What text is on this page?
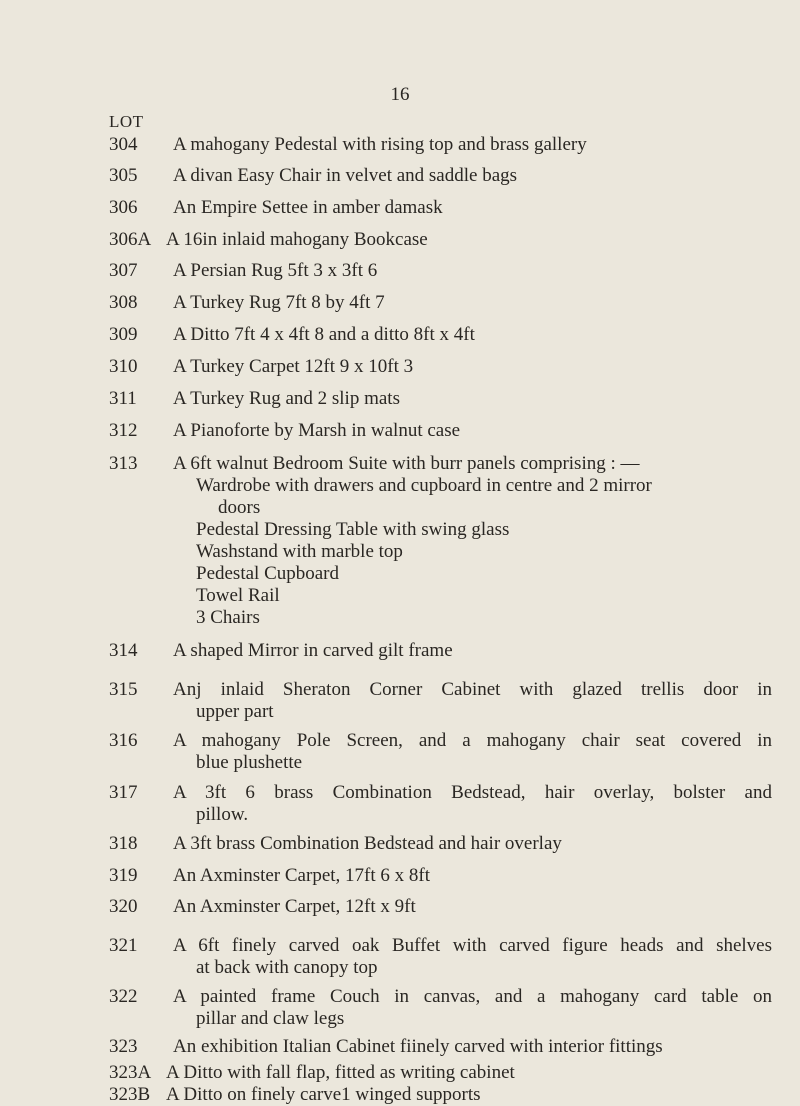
16
LOT
304 A mahogany Pedestal with rising top and brass gallery
305 A divan Easy Chair in velvet and saddle bags
306 An Empire Settee in amber damask
306A A 16in inlaid mahogany Bookcase
307 A Persian Rug 5ft 3 x 3ft 6
308 A Turkey Rug 7ft 8 by 4ft 7
309 A Ditto 7ft 4 x 4ft 8 and a ditto 8ft x 4ft
310 A Turkey Carpet 12ft 9 x 10ft 3
311 A Turkey Rug and 2 slip mats
312 A Pianoforte by Marsh in walnut case
313 A 6ft walnut Bedroom Suite with burr panels comprising : —
Wardrobe with drawers and cupboard in centre and 2 mirror
doors
Pedestal Dressing Table with swing glass
Washstand with marble top
Pedestal Cupboard
Towel Rail
3 Chairs
314 A shaped Mirror in carved gilt frame
315 Anj inlaid Sheraton Corner Cabinet with glazed trellis door in
upper part
316 A mahogany Pole Screen, and a mahogany chair seat covered in
blue plushette
317 A 3ft 6 brass Combination Bedstead, hair overlay, bolster and
pillow.
318 A 3ft brass Combination Bedstead and hair overlay
319 An Axminster Carpet, 17ft 6 x 8ft
320 An Axminster Carpet, 12ft x 9ft
321 A 6ft finely carved oak Buffet with carved figure heads and shelves
at back with canopy top
322 A painted frame Couch in canvas, and a mahogany card table on
pillar and claw legs
323 An exhibition Italian Cabinet fiinely carved with interior fittings
323A A Ditto with fall flap, fitted as writing cabinet
323B A Ditto on finely carve1 winged supports
